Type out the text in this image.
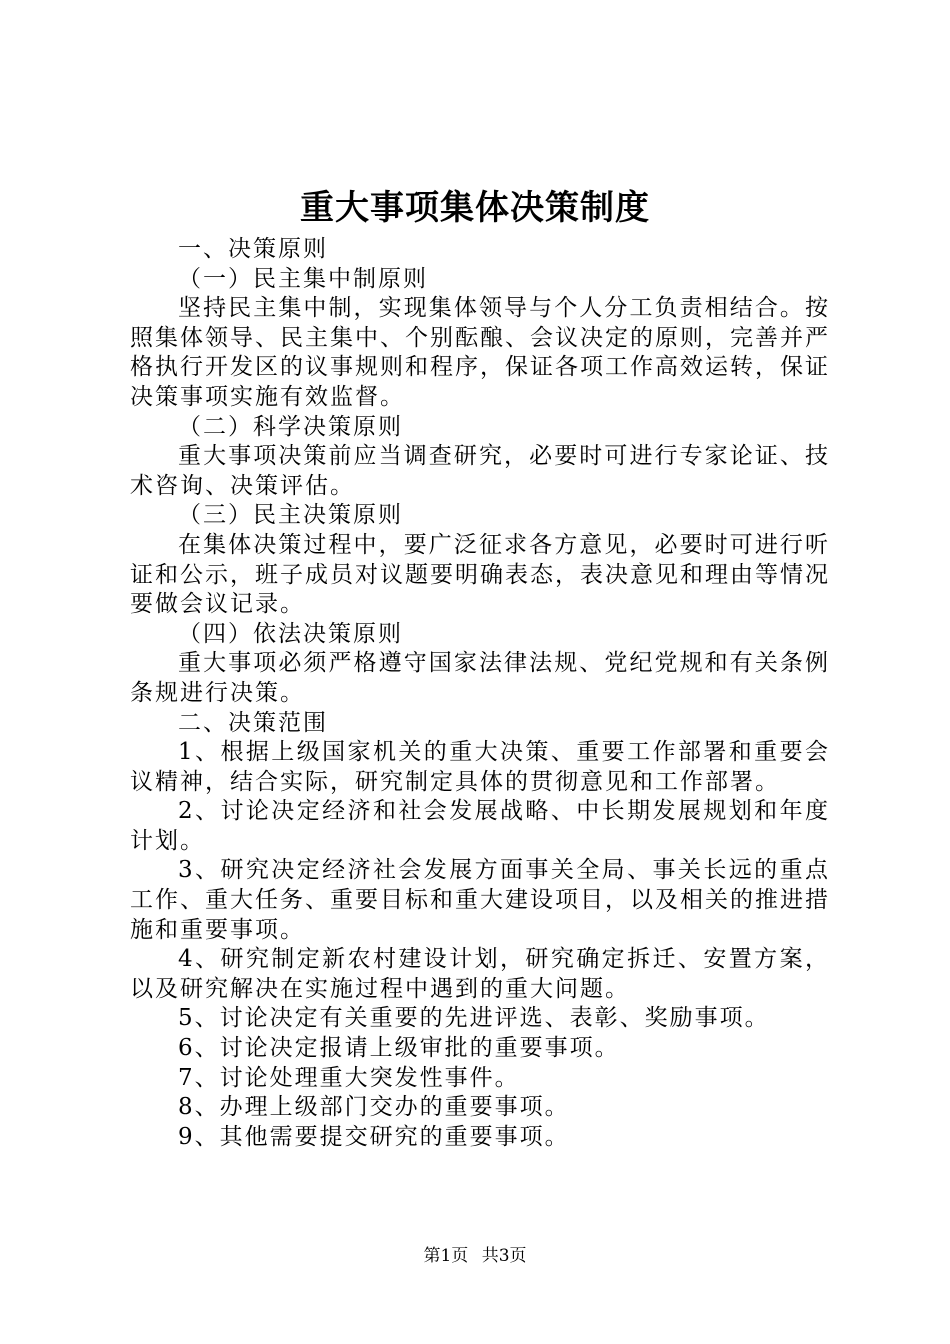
重大事项集体决策制度

一、决策原则

（一）民主集中制原则

坚持民主集中制，实现集体领导与个人分工负责相结合。按照集体领导、民主集中、个别酝酿、会议决定的原则，完善并严格执行开发区的议事规则和程序，保证各项工作高效运转，保证决策事项实施有效监督。

（二）科学决策原则

重大事项决策前应当调查研究，必要时可进行专家论证、技术咨询、决策评估。

（三）民主决策原则

在集体决策过程中，要广泛征求各方意见，必要时可进行听证和公示，班子成员对议题要明确表态，表决意见和理由等情况要做会议记录。

（四）依法决策原则

重大事项必须严格遵守国家法律法规、党纪党规和有关条例条规进行决策。

二、决策范围

1、根据上级国家机关的重大决策、重要工作部署和重要会议精神，结合实际，研究制定具体的贯彻意见和工作部署。

2、讨论决定经济和社会发展战略、中长期发展规划和年度计划。

3、研究决定经济社会发展方面事关全局、事关长远的重点工作、重大任务、重要目标和重大建设项目，以及相关的推进措施和重要事项。

4、研究制定新农村建设计划，研究确定拆迁、安置方案，以及研究解决在实施过程中遇到的重大问题。

5、讨论决定有关重要的先进评选、表彰、奖励事项。

6、讨论决定报请上级审批的重要事项。

7、讨论处理重大突发性事件。

8、办理上级部门交办的重要事项。

9、其他需要提交研究的重要事项。

第1页 共3页
